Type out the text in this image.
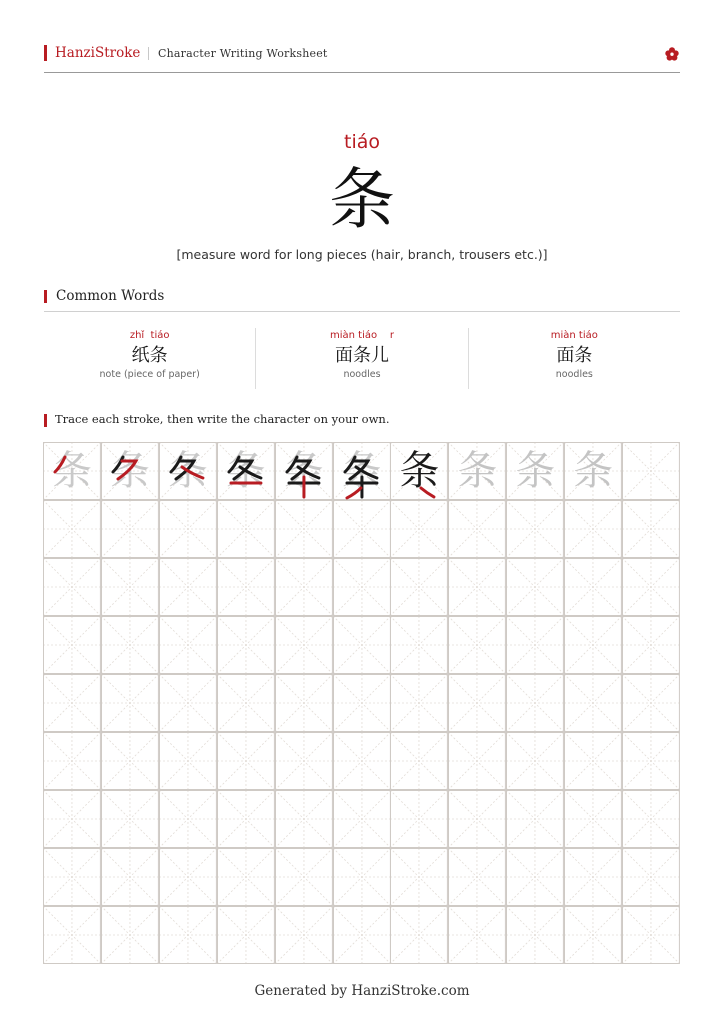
HanziStroke Character Writing Worksheet
tiáo
条
[measure word for long pieces (hair, branch, trousers etc.)]
Common Words
zhǐ  tiáo
纸条
note (piece of paper)
miàn tiáo    r
面条儿
noodles
miàn tiáo
面条
noodles
Trace each stroke, then write the character on your own.
条 条 条 条 条 条 条 条 条 条
Generated by HanziStroke.com
